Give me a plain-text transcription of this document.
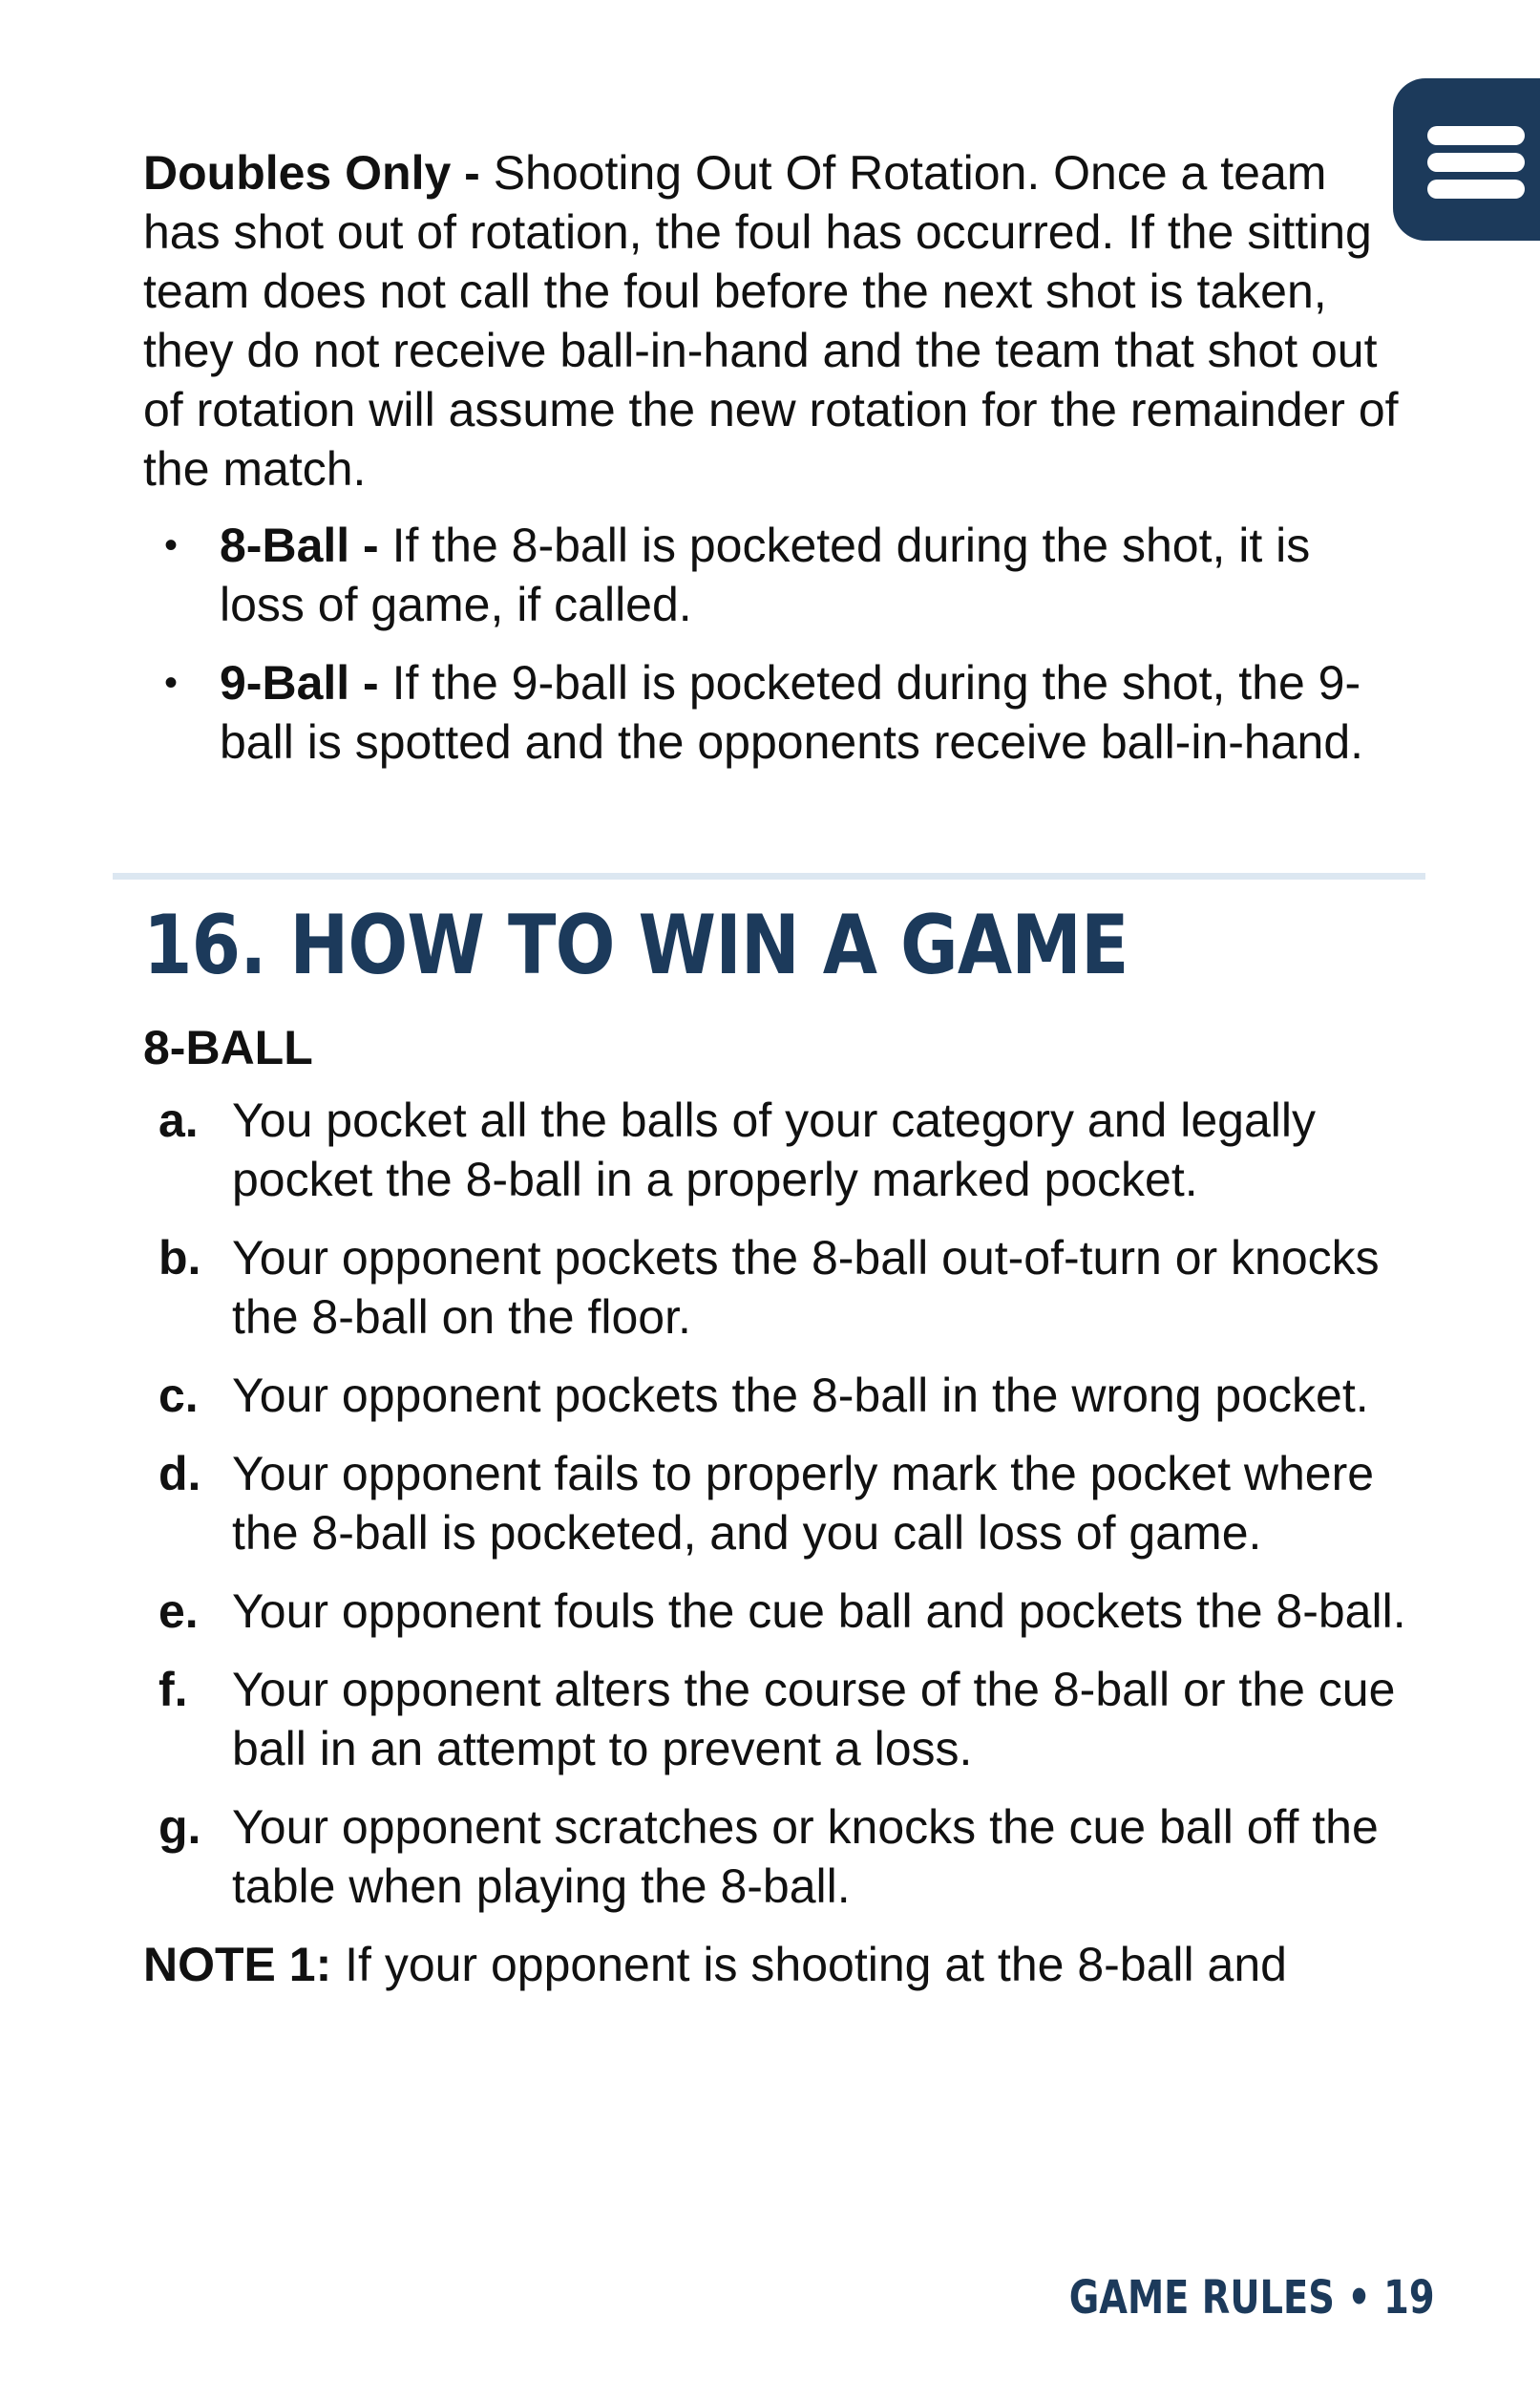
Doubles Only - Shooting Out Of Rotation. Once a team has shot out of rotation, the foul has occurred. If the sitting team does not call the foul before the next shot is taken, they do not receive ball-in-hand and the team that shot out of rotation will assume the new rotation for the remainder of the match.

• 8-Ball - If the 8-ball is pocketed during the shot, it is loss of game, if called.
• 9-Ball - If the 9-ball is pocketed during the shot, the 9-ball is spotted and the opponents receive ball-in-hand.
16. HOW TO WIN A GAME

8-BALL

a. You pocket all the balls of your category and legally pocket the 8-ball in a properly marked pocket.
b. Your opponent pockets the 8-ball out-of-turn or knocks the 8-ball on the floor.
c. Your opponent pockets the 8-ball in the wrong pocket.
d. Your opponent fails to properly mark the pocket where the 8-ball is pocketed, and you call loss of game.
e. Your opponent fouls the cue ball and pockets the 8-ball.
f. Your opponent alters the course of the 8-ball or the cue ball in an attempt to prevent a loss.
g. Your opponent scratches or knocks the cue ball off the table when playing the 8-ball.

NOTE 1: If your opponent is shooting at the 8-ball and

GAME RULES • 19
